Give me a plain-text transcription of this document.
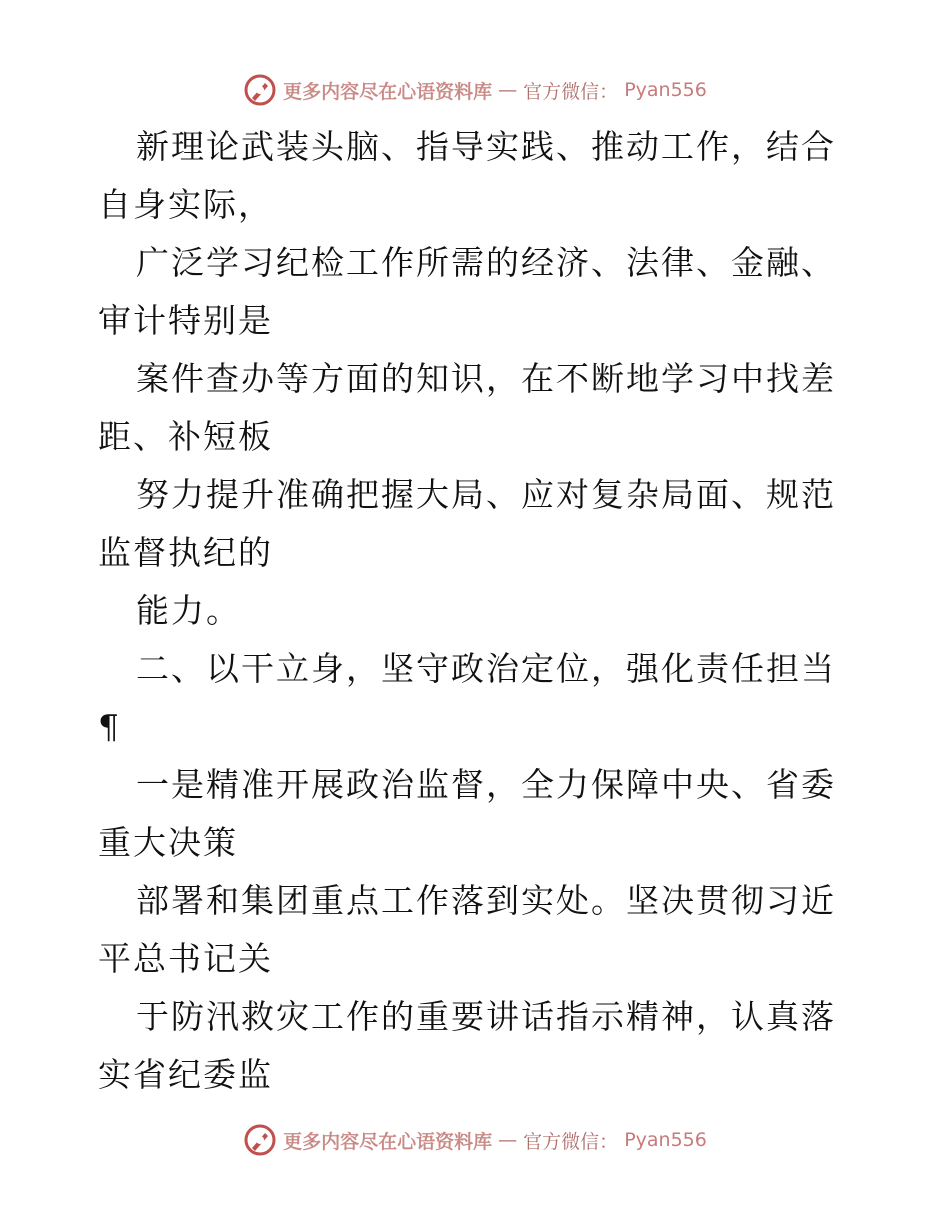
更多内容尽在心语资料库 — 官方微信： Pyan556

新理论武装头脑、指导实践、推动工作，结合自身实际，

广泛学习纪检工作所需的经济、法律、金融、审计特别是

案件查办等方面的知识，在不断地学习中找差距、补短板

努力提升准确把握大局、应对复杂局面、规范监督执纪的

能力。

二、以干立身，坚守政治定位，强化责任担当¶

一是精准开展政治监督，全力保障中央、省委重大决策

部署和集团重点工作落到实处。坚决贯彻习近平总书记关

于防汛救灾工作的重要讲话指示精神，认真落实省纪委监

更多内容尽在心语资料库 — 官方微信： Pyan556
